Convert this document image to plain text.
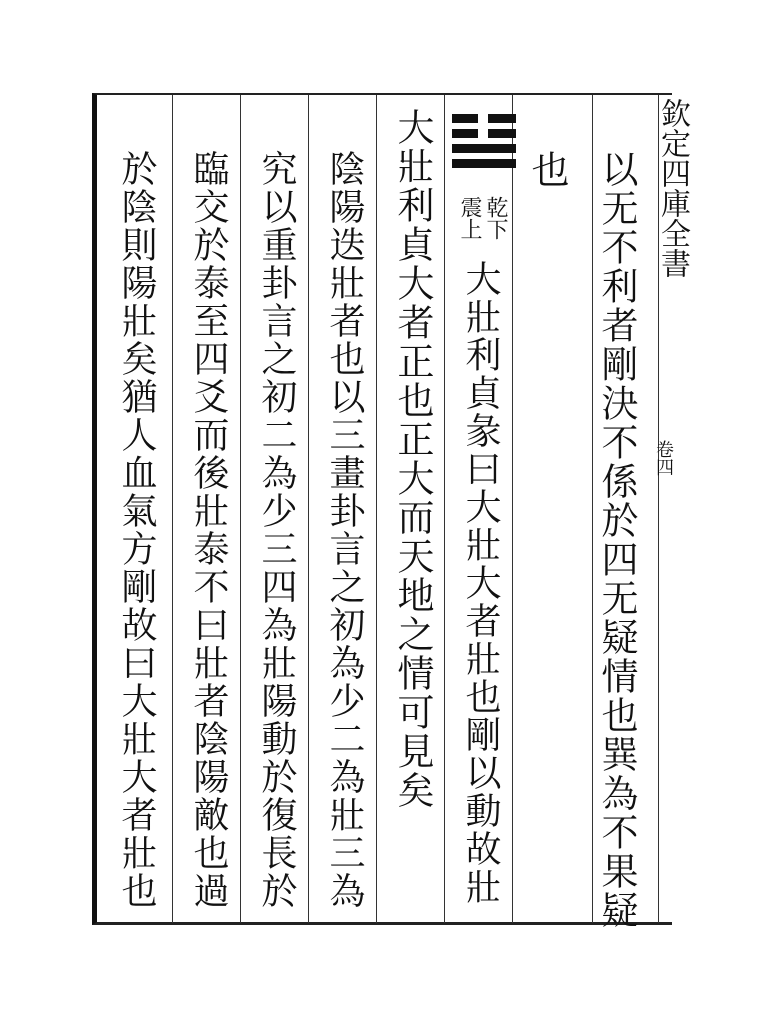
欽定四庫全書
卷四
以无不利者剛決不係於四无疑情也巽為不果疑
也
乾下
震上
大壯利貞彖曰大壯大者壯也剛以動故壯
大壯利貞大者正也正大而天地之情可見矣
陰陽迭壯者也以三畫卦言之初為少二為壯三為
究以重卦言之初二為少三四為壯陽動於復長於
臨交於泰至四爻而後壯泰不曰壯者陰陽敵也過
於陰則陽壯矣猶人血氣方剛故曰大壯大者壯也
